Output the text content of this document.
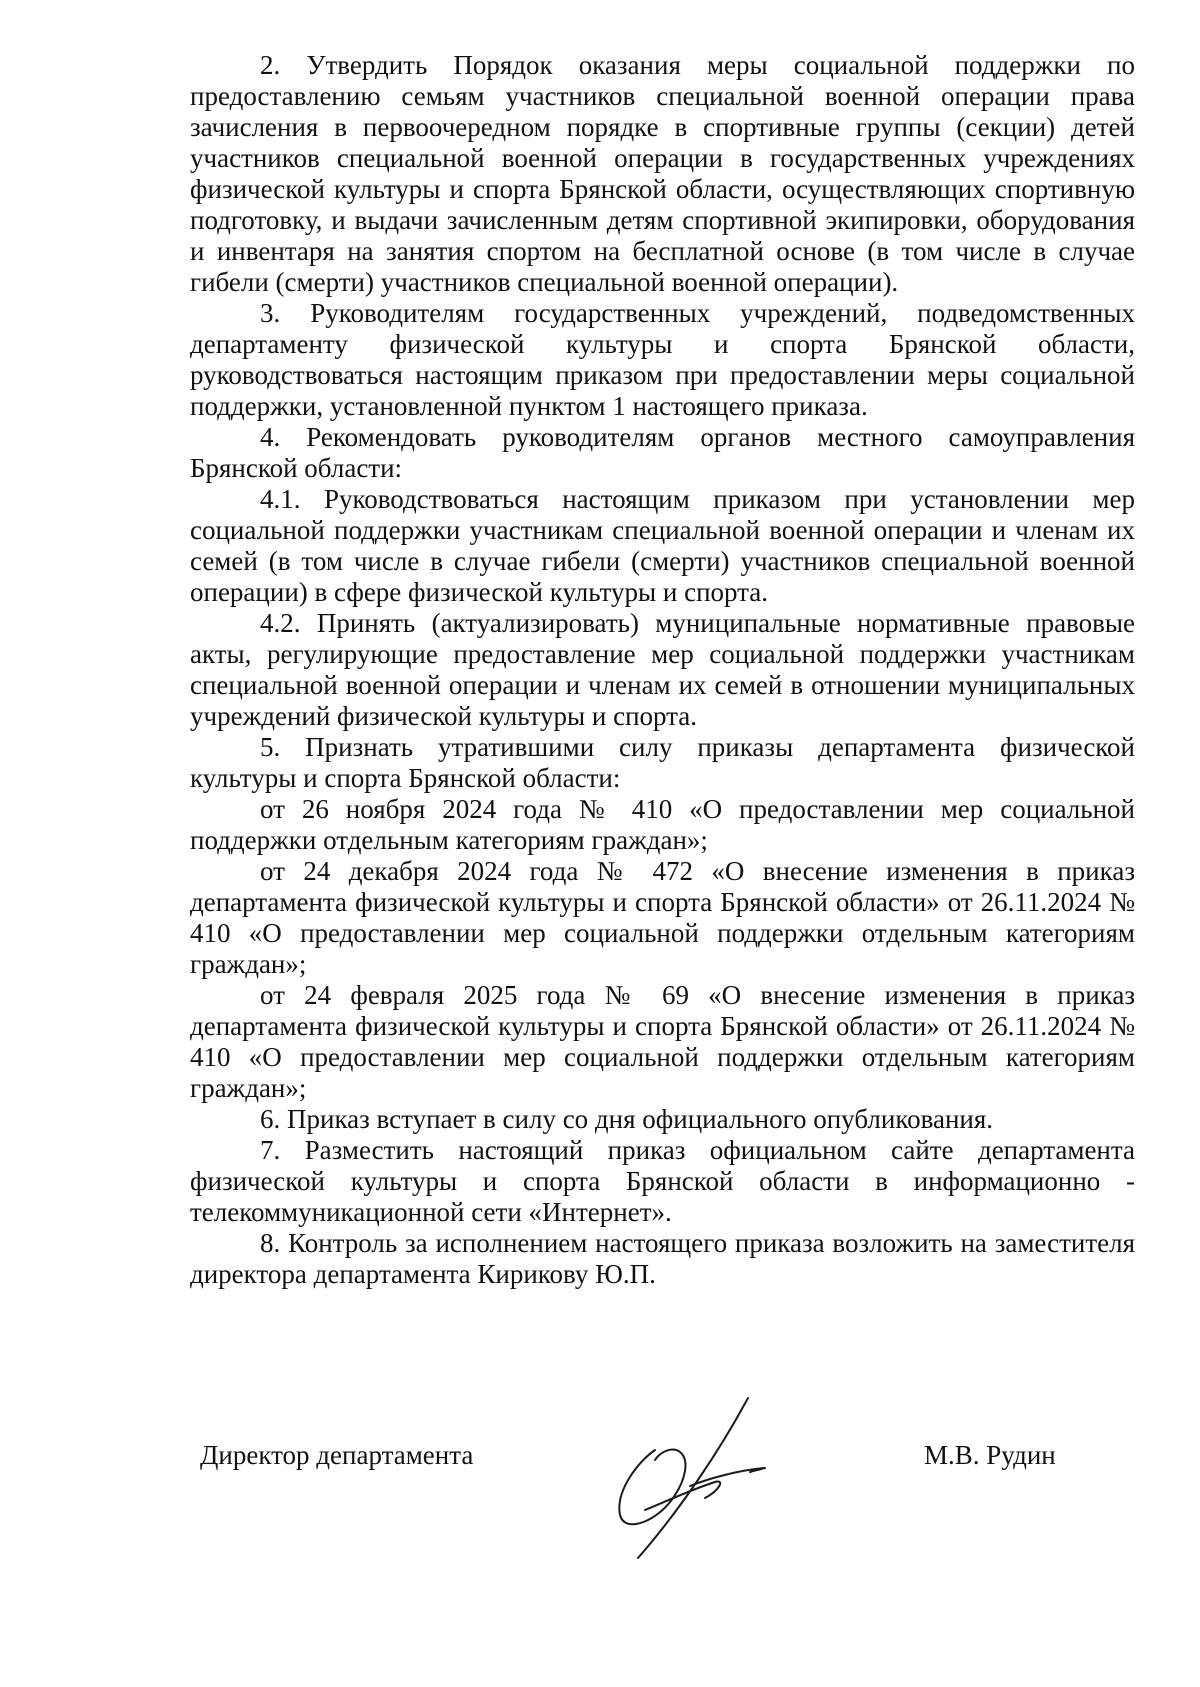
2. Утвердить Порядок оказания меры социальной поддержки по предоставлению семьям участников специальной военной операции права зачисления в первоочередном порядке в спортивные группы (секции) детей участников специальной военной операции в государственных учреждениях физической культуры и спорта Брянской области, осуществляющих спортивную подготовку, и выдачи зачисленным детям спортивной экипировки, оборудования и инвентаря на занятия спортом на бесплатной основе (в том числе в случае гибели (смерти) участников специальной военной операции).

3. Руководителям государственных учреждений, подведомственных департаменту физической культуры и спорта Брянской области, руководствоваться настоящим приказом при предоставлении меры социальной поддержки, установленной пунктом 1 настоящего приказа.

4. Рекомендовать руководителям органов местного самоуправления Брянской области:

4.1. Руководствоваться настоящим приказом при установлении мер социальной поддержки участникам специальной военной операции и членам их семей (в том числе в случае гибели (смерти) участников специальной военной операции) в сфере физической культуры и спорта.

4.2. Принять (актуализировать) муниципальные нормативные правовые акты, регулирующие предоставление мер социальной поддержки участникам специальной военной операции и членам их семей в отношении муниципальных учреждений физической культуры и спорта.

5. Признать утратившими силу приказы департамента физической культуры и спорта Брянской области:

от 26 ноября 2024 года № 410 «О предоставлении мер социальной поддержки отдельным категориям граждан»;

от 24 декабря 2024 года № 472 «О внесение изменения в приказ департамента физической культуры и спорта Брянской области» от 26.11.2024 № 410 «О предоставлении мер социальной поддержки отдельным категориям граждан»;

от 24 февраля 2025 года № 69 «О внесение изменения в приказ департамента физической культуры и спорта Брянской области» от 26.11.2024 № 410 «О предоставлении мер социальной поддержки отдельным категориям граждан»;

6. Приказ вступает в силу со дня официального опубликования.

7. Разместить настоящий приказ официальном сайте департамента физической культуры и спорта Брянской области в информационно - телекоммуникационной сети «Интернет».

8. Контроль за исполнением настоящего приказа возложить на заместителя директора департамента Кирикову Ю.П.

Директор департамента	М.В. Рудин
